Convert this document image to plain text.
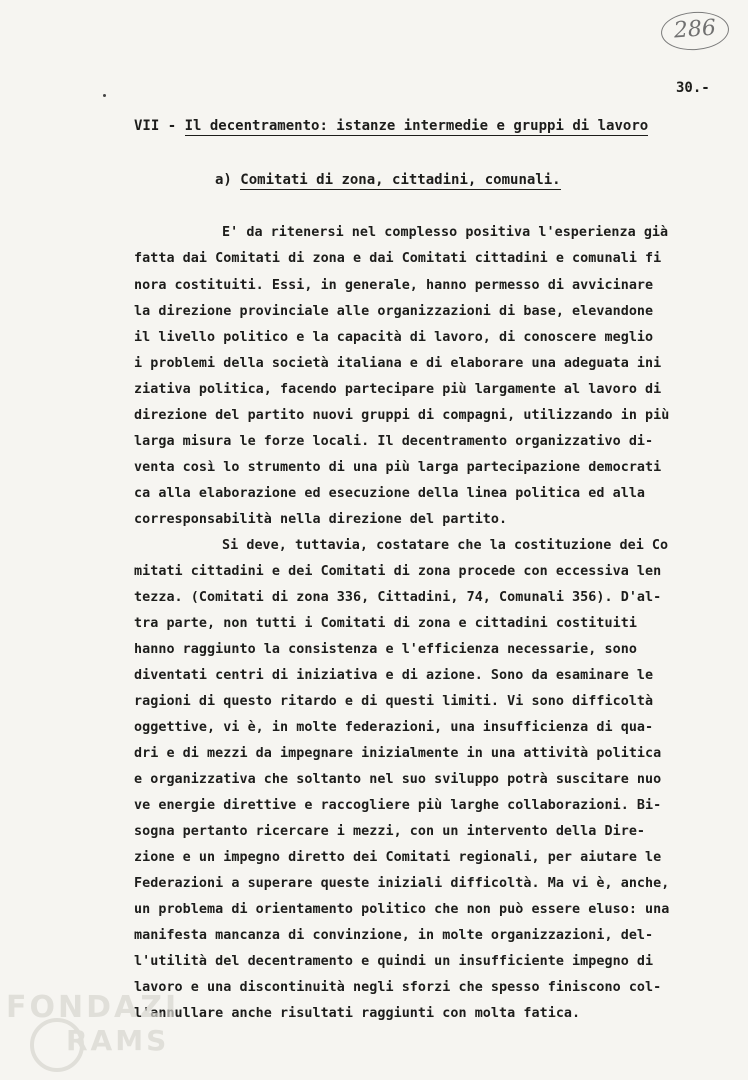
286
30.-
VII - Il decentramento: istanze intermedie e gruppi di lavoro
a) Comitati di zona, cittadini, comunali.
E' da ritenersi nel complesso positiva l'esperienza già
fatta dai Comitati di zona e dai Comitati cittadini e comunali fi
nora costituiti. Essi, in generale, hanno permesso di avvicinare
la direzione provinciale alle organizzazioni di base, elevandone
il livello politico e la capacità di lavoro, di conoscere meglio
i problemi della società italiana e di elaborare una adeguata ini
ziativa politica, facendo partecipare più largamente al lavoro di
direzione del partito nuovi gruppi di compagni, utilizzando in più
larga misura le forze locali. Il decentramento organizzativo di-
venta così lo strumento di una più larga partecipazione democrati
ca alla elaborazione ed esecuzione della linea politica ed alla
corresponsabilità nella direzione del partito.
Si deve, tuttavia, costatare che la costituzione dei Co
mitati cittadini e dei Comitati di zona procede con eccessiva len
tezza. (Comitati di zona 336, Cittadini, 74, Comunali 356). D'al-
tra parte, non tutti i Comitati di zona e cittadini costituiti
hanno raggiunto la consistenza e l'efficienza necessarie, sono
diventati centri di iniziativa e di azione. Sono da esaminare le
ragioni di questo ritardo e di questi limiti. Vi sono difficoltà
oggettive, vi è, in molte federazioni, una insufficienza di qua-
dri e di mezzi da impegnare inizialmente in una attività politica
e organizzativa che soltanto nel suo sviluppo potrà suscitare nuo
ve energie direttive e raccogliere più larghe collaborazioni. Bi-
sogna pertanto ricercare i mezzi, con un intervento della Dire-
zione e un impegno diretto dei Comitati regionali, per aiutare le
Federazioni a superare queste iniziali difficoltà. Ma vi è, anche,
un problema di orientamento politico che non può essere eluso: una
manifesta mancanza di convinzione, in molte organizzazioni, del-
l'utilità del decentramento e quindi un insufficiente impegno di
lavoro e una discontinuità negli sforzi che spesso finiscono col-
l'annullare anche risultati raggiunti con molta fatica.
FONDAZI
RAMS
